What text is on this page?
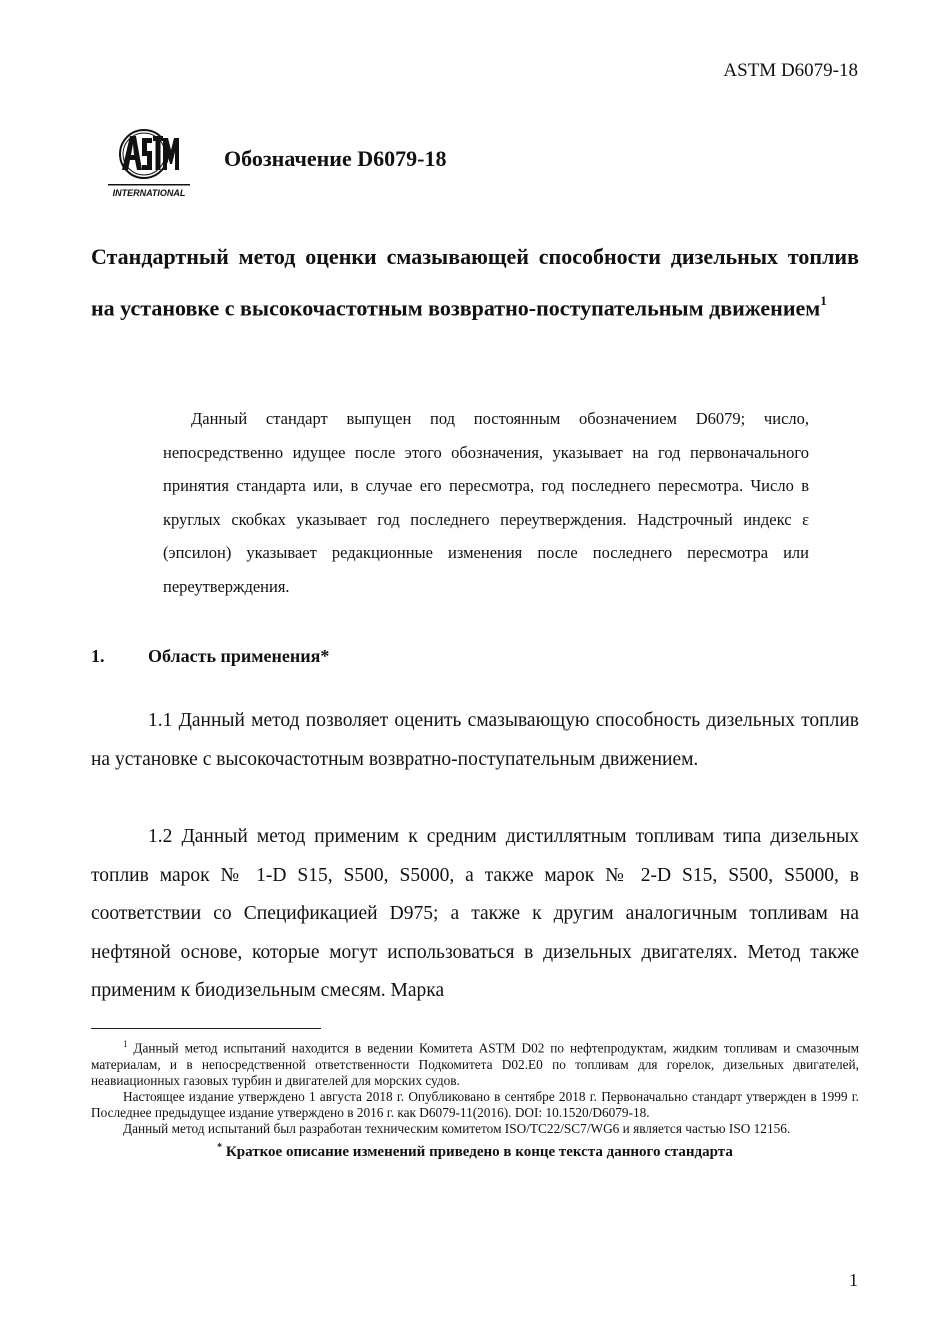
ASTM D6079-18
INTERNATIONAL
Обозначение D6079-18
Стандартный метод оценки смазывающей способности дизельных топлив на установке с высокочастотным возвратно-поступательным движением$^1$
Данный стандарт выпущен под постоянным обозначением D6079; число, непосредственно идущее после этого обозначения, указывает на год первоначального принятия стандарта или, в случае его пересмотра, год последнего пересмотра. Число в круглых скобках указывает год последнего переутверждения. Надстрочный индекс ε (эпсилон) указывает редакционные изменения после последнего пересмотра или переутверждения.
1. Область применения*

1.1 Данный метод позволяет оценить смазывающую способность дизельных топлив на установке с высокочастотным возвратно-поступательным движением.

1.2 Данный метод применим к средним дистиллятным топливам типа дизельных топлив марок № 1-D S15, S500, S5000, а также марок № 2-D S15, S500, S5000, в соответствии со Спецификацией D975; а также к другим аналогичным топливам на нефтяной основе, которые могут использоваться в дизельных двигателях. Метод также применим к биодизельным смесям. Марка

$^1$ Данный метод испытаний находится в ведении Комитета ASTM D02 по нефтепродуктам, жидким топливам и смазочным материалам, и в непосредственной ответственности Подкомитета D02.E0 по топливам для горелок, дизельных двигателей, неавиационных газовых турбин и двигателей для морских судов.

Настоящее издание утверждено 1 августа 2018 г. Опубликовано в сентябре 2018 г. Первоначально стандарт утвержден в 1999 г. Последнее предыдущее издание утверждено в 2016 г. как D6079-11(2016). DOI: 10.1520/D6079-18.

Данный метод испытаний был разработан техническим комитетом ISO/TC22/SC7/WG6 и является частью ISO 12156.

* Краткое описание изменений приведено в конце текста данного стандарта

1
